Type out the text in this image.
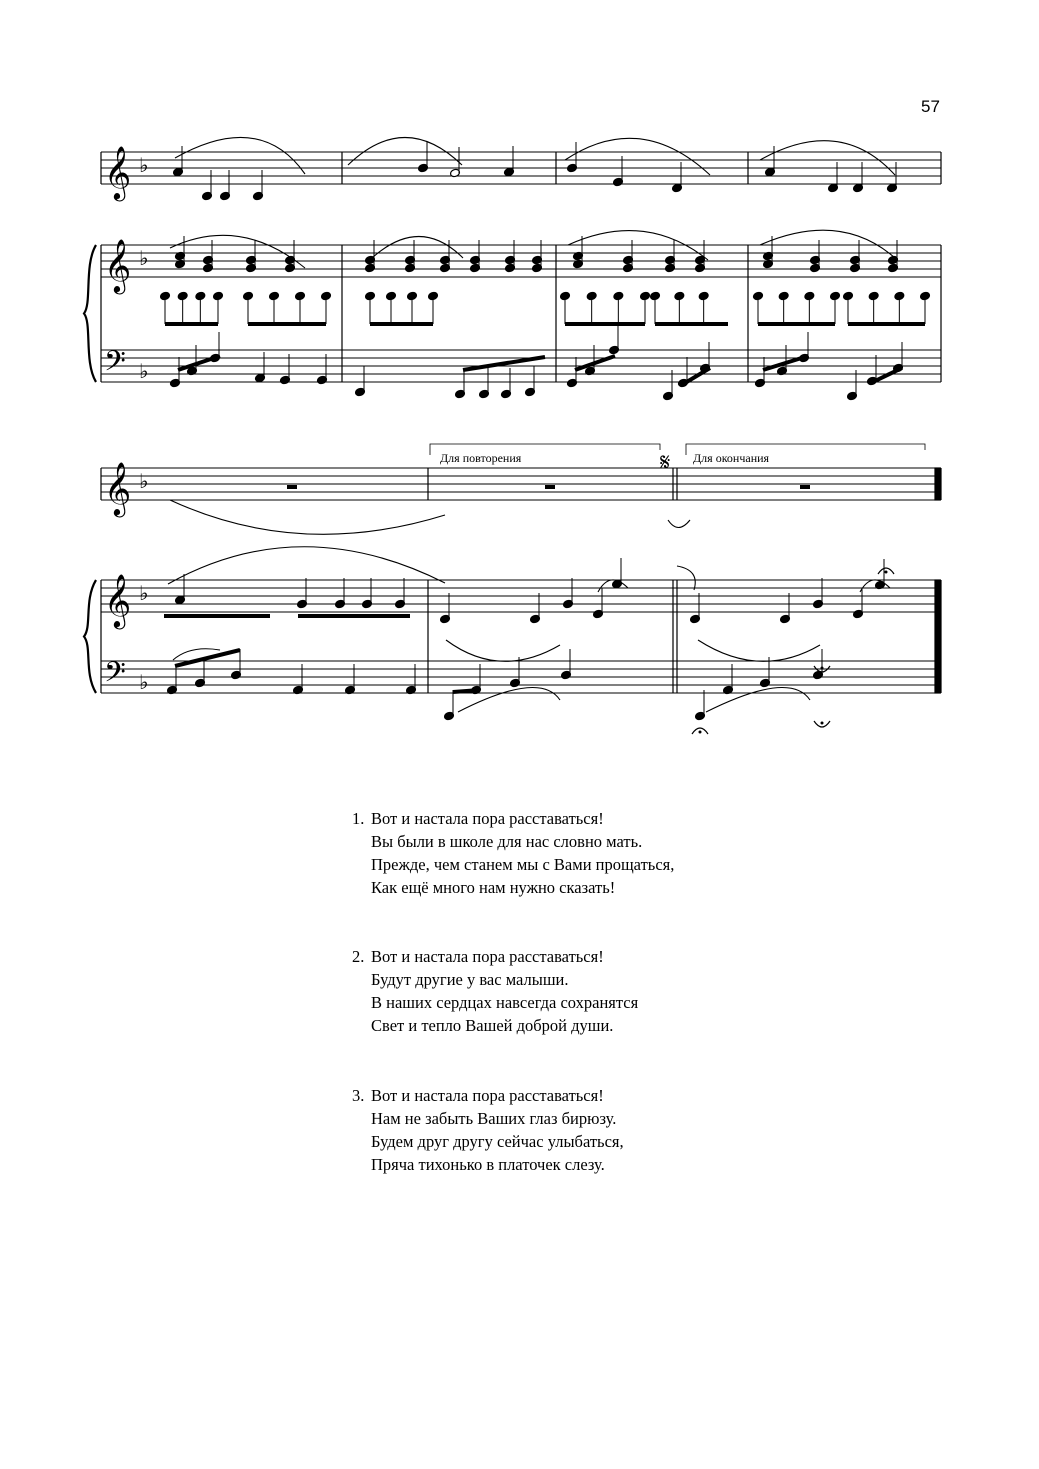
57
𝄞
𝄞
𝄢
𝄞
𝄞
𝄢
♭
♭
♭
♭
♭
♭
Для повторения	𝄋 Для окончания
1. Вот и настала пора расставаться!
Вы были в школе для нас словно мать.
Прежде, чем станем мы с Вами прощаться,
Как ещё много нам нужно сказать!
2. Вот и настала пора расставаться!
Будут другие у вас малыши.
В наших сердцах навсегда сохранятся
Свет и тепло Вашей доброй души.
3. Вот и настала пора расставаться!
Нам не забыть Ваших глаз бирюзу.
Будем друг другу сейчас улыбаться,
Пряча тихонько в платочек слезу.
